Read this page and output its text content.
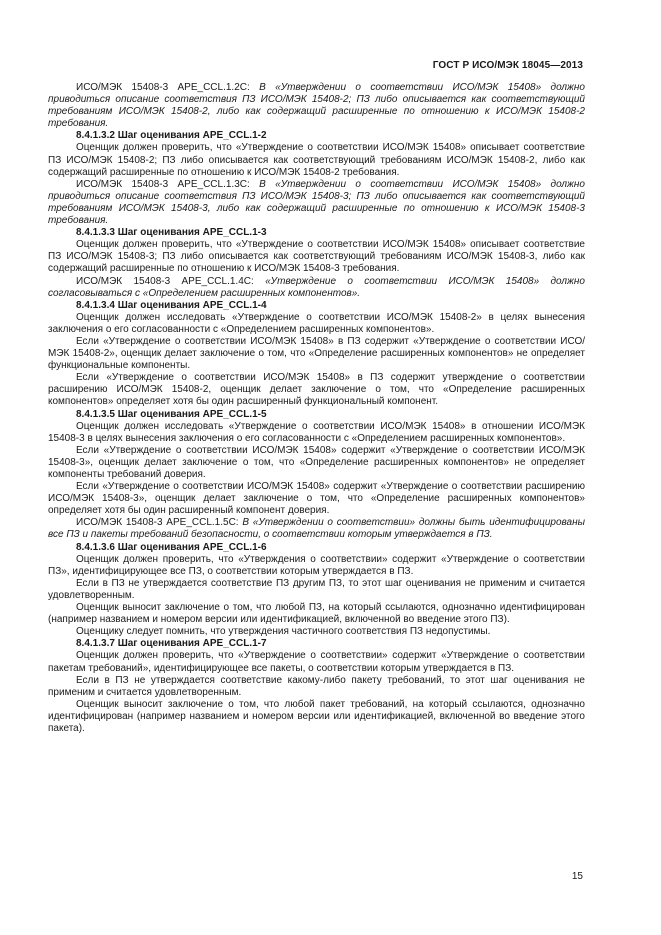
ГОСТ Р ИСО/МЭК 18045—2013

ИСО/МЭК 15408-3 APE_CCL.1.2C: В «Утверждении о соответствии ИСО/МЭК 15408» должно приводиться описание соответствия ПЗ ИСО/МЭК 15408-2; ПЗ либо описывается как соответствующий требованиям ИСО/МЭК 15408-2, либо как содержащий расширенные по отношению к ИСО/МЭК 15408-2 требования.

8.4.1.3.2 Шаг оценивания APE_CCL.1-2

Оценщик должен проверить, что «Утверждение о соответствии ИСО/МЭК 15408» описывает соответствие ПЗ ИСО/МЭК 15408-2; ПЗ либо описывается как соответствующий требованиям ИСО/МЭК 15408-2, либо как содержащий расширенные по отношению к ИСО/МЭК 15408-2 требования.

ИСО/МЭК 15408-3 APE_CCL.1.3C: В «Утверждении о соответствии ИСО/МЭК 15408» должно приводиться описание соответствия ПЗ ИСО/МЭК 15408-3; ПЗ либо описывается как соответствующий требованиям ИСО/МЭК 15408-3, либо как содержащий расширенные по отношению к ИСО/МЭК 15408-3 требования.

8.4.1.3.3 Шаг оценивания APE_CCL.1-3

Оценщик должен проверить, что «Утверждение о соответствии ИСО/МЭК 15408» описывает соответствие ПЗ ИСО/МЭК 15408-3; ПЗ либо описывается как соответствующий требованиям ИСО/МЭК 15408-3, либо как содержащий расширенные по отношению к ИСО/МЭК 15408-3 требования.

ИСО/МЭК 15408-3 APE_CCL.1.4C: «Утверждение о соответствии ИСО/МЭК 15408» должно согласовываться с «Определением расширенных компонентов».

8.4.1.3.4 Шаг оценивания APE_CCL.1-4

Оценщик должен исследовать «Утверждение о соответствии ИСО/МЭК 15408-2» в целях вынесения заключения о его согласованности с «Определением расширенных компонентов».

Если «Утверждение о соответствии ИСО/МЭК 15408» в ПЗ содержит «Утверждение о соответствии ИСО/МЭК 15408-2», оценщик делает заключение о том, что «Определение расширенных компонентов» не определяет функциональные компоненты.

Если «Утверждение о соответствии ИСО/МЭК 15408» в ПЗ содержит утверждение о соответствии расширению ИСО/МЭК 15408-2, оценщик делает заключение о том, что «Определение расширенных компонентов» определяет хотя бы один расширенный функциональный компонент.

8.4.1.3.5 Шаг оценивания APE_CCL.1-5

Оценщик должен исследовать «Утверждение о соответствии ИСО/МЭК 15408» в отношении ИСО/МЭК 15408-3 в целях вынесения заключения о его согласованности с «Определением расширенных компонентов».

Если «Утверждение о соответствии ИСО/МЭК 15408» содержит «Утверждение о соответствии ИСО/МЭК 15408-3», оценщик делает заключение о том, что «Определение расширенных компонентов» не определяет компоненты требований доверия.

Если «Утверждение о соответствии ИСО/МЭК 15408» содержит «Утверждение о соответствии расширению ИСО/МЭК 15408-3», оценщик делает заключение о том, что «Определение расширенных компонентов» определяет хотя бы один расширенный компонент доверия.

ИСО/МЭК 15408-3 APE_CCL.1.5C: В «Утверждении о соответствии» должны быть идентифицированы все ПЗ и пакеты требований безопасности, о соответствии которым утверждается в ПЗ.

8.4.1.3.6 Шаг оценивания APE_CCL.1-6

Оценщик должен проверить, что «Утверждения о соответствии» содержит «Утверждение о соответствии ПЗ», идентифицирующее все ПЗ, о соответствии которым утверждается в ПЗ.

Если в ПЗ не утверждается соответствие ПЗ другим ПЗ, то этот шаг оценивания не применим и считается удовлетворенным.

Оценщик выносит заключение о том, что любой ПЗ, на который ссылаются, однозначно идентифицирован (например названием и номером версии или идентификацией, включенной во введение этого ПЗ).

Оценщику следует помнить, что утверждения частичного соответствия ПЗ недопустимы.

8.4.1.3.7 Шаг оценивания APE_CCL.1-7

Оценщик должен проверить, что «Утверждение о соответствии» содержит «Утверждение о соответствии пакетам требований», идентифицирующее все пакеты, о соответствии которым утверждается в ПЗ.

Если в ПЗ не утверждается соответствие какому-либо пакету требований, то этот шаг оценивания не применим и считается удовлетворенным.

Оценщик выносит заключение о том, что любой пакет требований, на который ссылаются, однозначно идентифицирован (например названием и номером версии или идентификацией, включенной во введение этого пакета).

15
